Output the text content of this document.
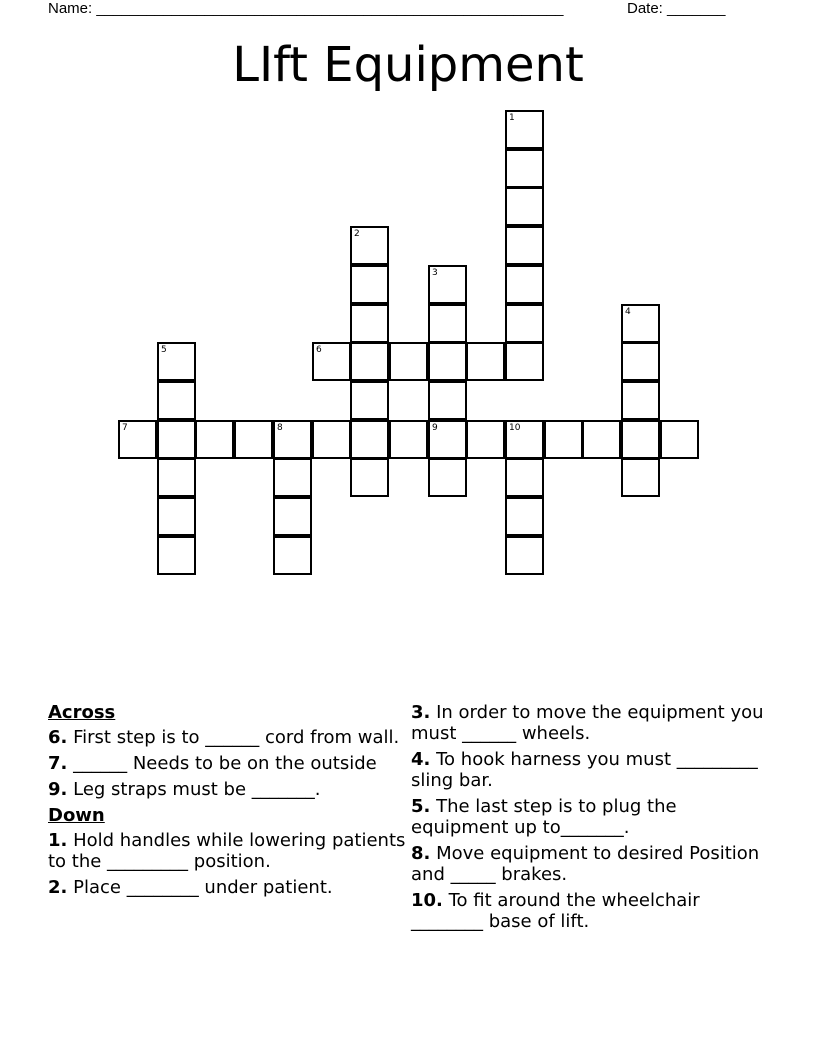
Name: ________________________________________________________	Date: _______
LIft Equipment
1
2
3
9
4
5
8	10
6
7
Across
6. First step is to ______ cord from wall.
7. ______ Needs to be on the outside
9. Leg straps must be _______.
Down
1. Hold handles while lowering patients to the _________ position.
2. Place ________ under patient.
3. In order to move the equipment you must ______ wheels.
4. To hook harness you must _________ sling bar.
5. The last step is to plug the equipment up to_______.
8. Move equipment to desired Position and _____ brakes.
10. To fit around the wheelchair ________ base of lift.
